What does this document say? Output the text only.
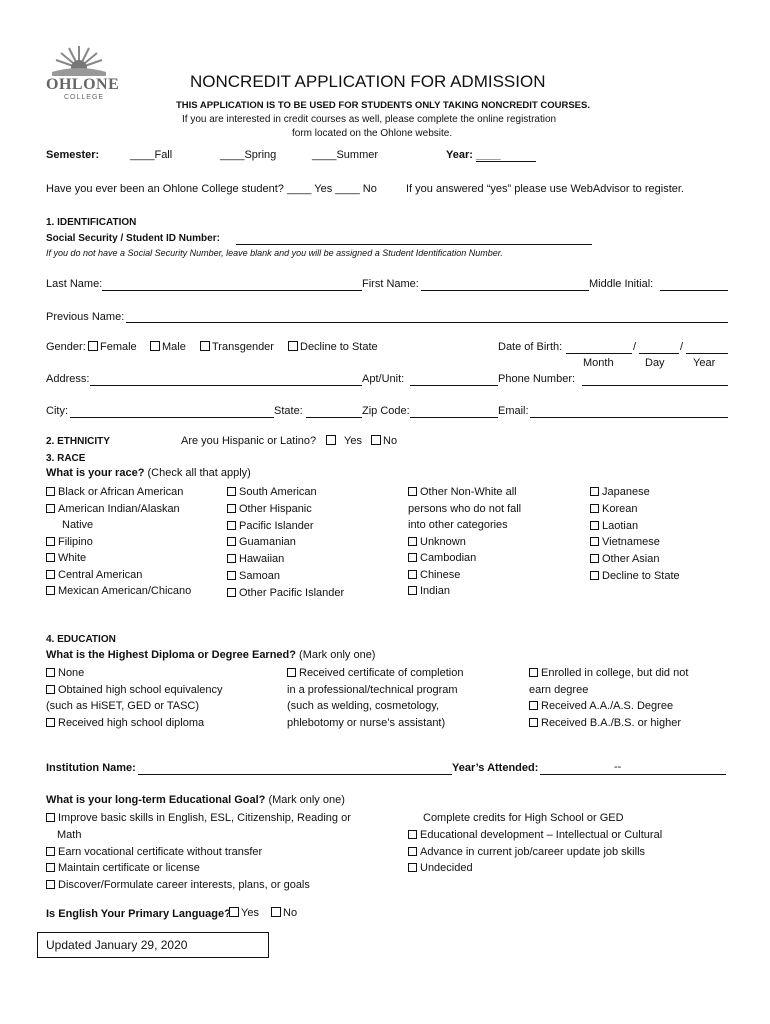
OHLONE
COLLEGE
NONCREDIT APPLICATION FOR ADMISSION
THIS APPLICATION IS TO BE USED FOR STUDENTS ONLY TAKING NONCREDIT COURSES.
If you are interested in credit courses as well, please complete the online registration
form located on the Ohlone website.
Semester:	____Fall	____Spring	____Summer	Year: ____
Have you ever been an Ohlone College student? ____ Yes ____ No	If you answered “yes” please use WebAdvisor to register.
1. IDENTIFICATION
Social Security / Student ID Number:
If you do not have a Social Security Number, leave blank and you will be assigned a Student Identification Number.
Last Name:	First Name:	Middle Initial:
Previous Name:
Gender:	Female	Male	Transgender	Decline to State	Date of Birth:	/	/
Month	Day	Year
Address:	Apt/Unit:	Phone Number:
City:	State:	Zip Code:	Email:
2. ETHNICITY	Are you Hispanic or Latino?	Yes	No
3. RACE
What is your race? (Check all that apply)
Black or African American
American Indian/Alaskan
Native
Filipino
White
Central American
Mexican American/Chicano
South American
Other Hispanic
Pacific Islander
Guamanian
Hawaiian
Samoan
Other Pacific Islander
Other Non-White all
persons who do not fall
into other categories
Unknown
Cambodian
Chinese
Indian
Japanese
Korean
Laotian
Vietnamese
Other Asian
Decline to State
4. EDUCATION
What is the Highest Diploma or Degree Earned? (Mark only one)
None
Obtained high school equivalency
(such as HiSET, GED or TASC)
Received high school diploma
Received certificate of completion
in a professional/technical program
(such as welding, cosmetology,
phlebotomy or nurse’s assistant)
Enrolled in college, but did not
earn degree
Received A.A./A.S. Degree
Received B.A./B.S. or higher
Institution Name:	Year’s Attended:	--
What is your long-term Educational Goal? (Mark only one)
Improve basic skills in English, ESL, Citizenship, Reading or
Math
Earn vocational certificate without transfer
Maintain certificate or license
Discover/Formulate career interests, plans, or goals
Complete credits for High School or GED
Educational development – Intellectual or Cultural
Advance in current job/career update job skills
Undecided
Is English Your Primary Language? Yes	No
Updated January 29, 2020
